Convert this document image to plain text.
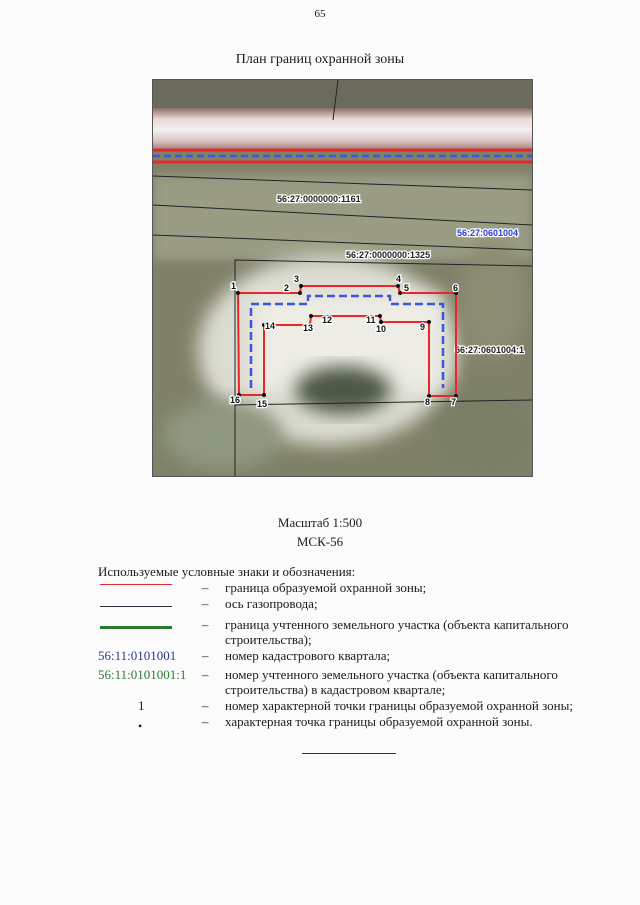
65
План границ охранной зоны
56:27:0000000:1161
56:27:0601004
56:27:0000000:1325
56:27:0601004:1
1	2
3	4
5	6
7
8
9
10
11
12
13
14
15
16
Масштаб 1:500
МСК-56
Используемые условные знаки и обозначения:
– граница образуемой охранной зоны;
– ось газопровода;
– граница учтенного земельного участка (объекта капитального строительства);
56:11:0101001 – номер кадастрового квартала;
56:11:0101001:1	– номер учтенного земельного участка (объекта капитального строительства) в кадастровом квартале;
1	– номер характерной точки границы образуемой охранной зоны;
•	– характерная точка границы образуемой охранной зоны.
